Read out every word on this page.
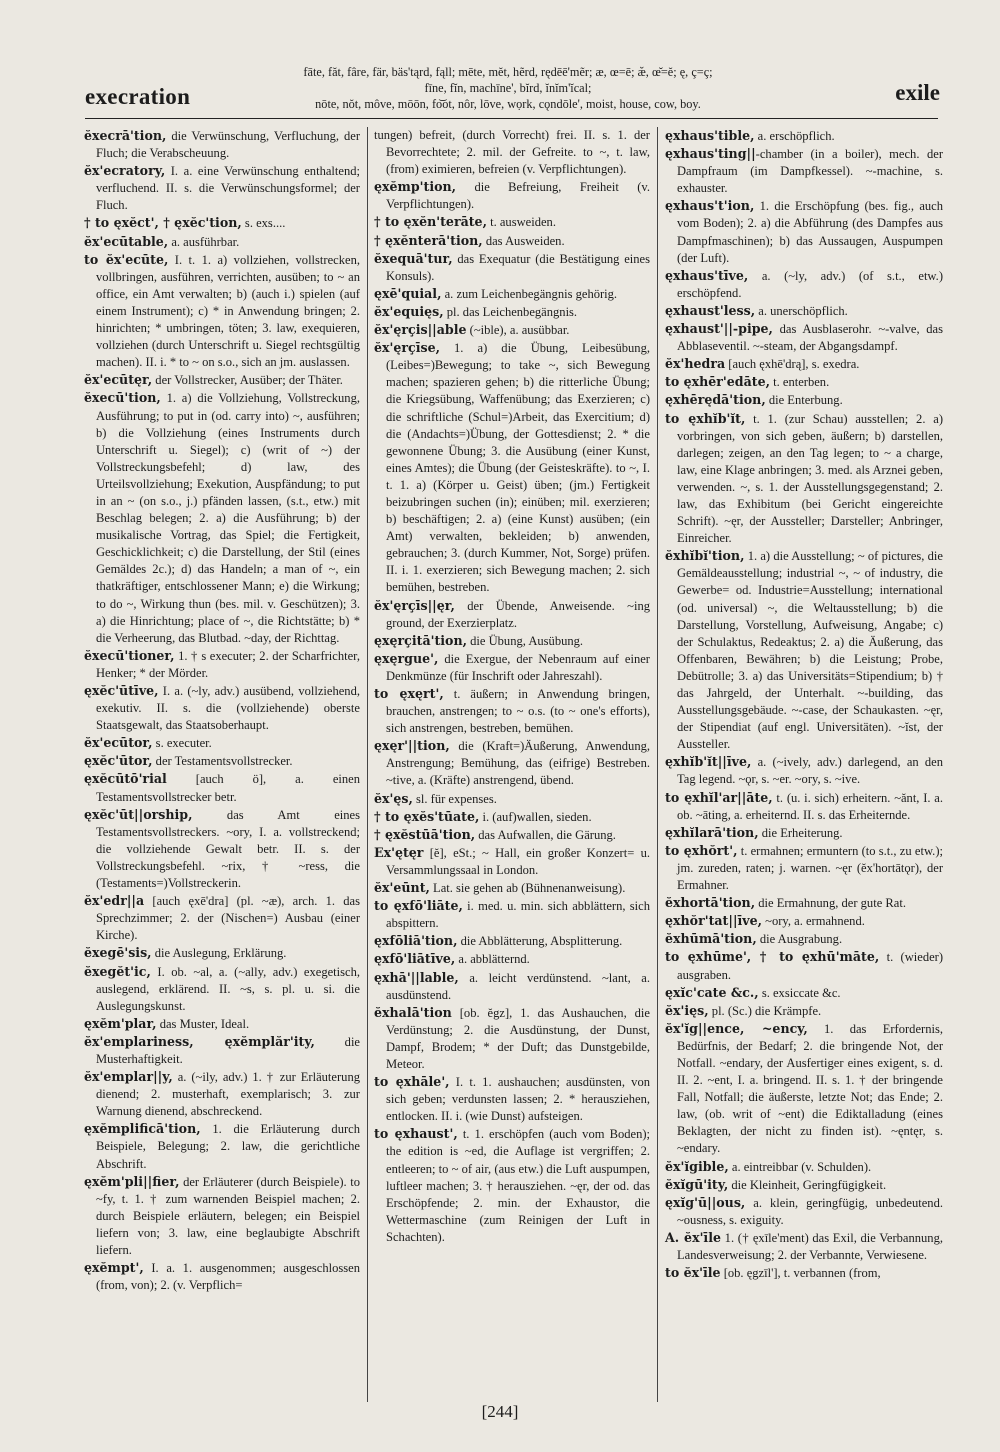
execration
fāte, făt, fâre, fär, bäs'tąrd, fąll; mēte, mĕt, hẽrd, rędēē'mẽr; æ, œ=ē; æ̆, œ̆=ĕ; ę, ç=ç;
fīne, fĭn, machīne', bĭrd, ĭnĭm'ĭcal;
nōte, nŏt, môve, mōōn, fo͝ot, nôr, lōve, wọrk, cǫndōle', moist, house, cow, boy.	exile

ĕxecrā'tion, die Verwünschung, Verfluchung, der Fluch; die Verabscheuung.

ĕx'ecratory, I. a. eine Verwünschung enthaltend; verfluchend. II. s. die Verwünschungsformel; der Fluch.

† to ęxĕct', † ęxĕc'tion, s. exs....

ĕx'ecūtable, a. ausführbar.

to ĕx'ecūte, I. t. 1. a) vollziehen, vollstrecken, vollbringen, ausführen, verrichten, ausüben; to ~ an office, ein Amt verwalten; b) (auch i.) spielen (auf einem Instrument); c) * in Anwendung bringen; 2. hinrichten; * umbringen, töten; 3. law, exequieren, vollziehen (durch Unterschrift u. Siegel rechtsgültig machen). II. i. * to ~ on s.o., sich an jm. auslassen.

ĕx'ecūtęr, der Vollstrecker, Ausüber; der Thäter.

ĕxecū'tion, 1. a) die Vollziehung, Vollstreckung, Ausführung; to put in (od. carry into) ~, ausführen; b) die Vollziehung (eines Instruments durch Unterschrift u. Siegel); c) (writ of ~) der Vollstreckungsbefehl; d) law, des Urteilsvollziehung; Exekution, Auspfändung; to put in an ~ (on s.o., j.) pfänden lassen, (s.t., etw.) mit Beschlag belegen; 2. a) die Ausführung; b) der musikalische Vortrag, das Spiel; die Fertigkeit, Geschicklichkeit; c) die Darstellung, der Stil (eines Gemäldes 2c.); d) das Handeln; a man of ~, ein thatkräftiger, entschlossener Mann; e) die Wirkung; to do ~, Wirkung thun (bes. mil. v. Geschützen); 3. a) die Hinrichtung; place of ~, die Richtstätte; b) * die Verheerung, das Blutbad. ~day, der Richttag.

ĕxecū'tioner, 1. † s executer; 2. der Scharfrichter, Henker; * der Mörder.

ęxĕc'ūtīve, I. a. (~ly, adv.) ausübend, vollziehend, exekutiv. II. s. die (vollziehende) oberste Staatsgewalt, das Staatsoberhaupt.

ĕx'ecūtor, s. executer.

ęxĕc'ūtor, der Testamentsvollstrecker.

ęxĕcūtō'rial [auch ö], a. einen Testamentsvollstrecker betr.

ęxĕc'ūt||orship, das Amt eines Testamentsvollstreckers. ~ory, I. a. vollstreckend; die vollziehende Gewalt betr. II. s. der Vollstreckungsbefehl. ~rix, † ~ress, die (Testaments=)Vollstreckerin.

ĕx'edr||a [auch ęxē'dra] (pl. ~æ), arch. 1. das Sprechzimmer; 2. der (Nischen=) Ausbau (einer Kirche).

ĕxegē'sis, die Auslegung, Erklärung.

ĕxegĕt'ic, I. ob. ~al, a. (~ally, adv.) exegetisch, auslegend, erklärend. II. ~s, s. pl. u. si. die Auslegungskunst.

ęxĕm'plar, das Muster, Ideal.

ĕx'emplariness, ęxĕmplăr'ity, die Musterhaftigkeit.

ĕx'emplar||y, a. (~ily, adv.) 1. † zur Erläuterung dienend; 2. musterhaft, exemplarisch; 3. zur Warnung dienend, abschreckend.

ęxĕmplificā'tion, 1. die Erläuterung durch Beispiele, Belegung; 2. law, die gerichtliche Abschrift.

ęxĕm'pli||fier, der Erläuterer (durch Beispiele). to ~fy, t. 1. † zum warnenden Beispiel machen; 2. durch Beispiele erläutern, belegen; ein Beispiel liefern von; 3. law, eine beglaubigte Abschrift liefern.

ęxĕmpt', I. a. 1. ausgenommen; ausgeschlossen (from, von); 2. (v. Verpflich=

tungen) befreit, (durch Vorrecht) frei. II. s. 1. der Bevorrechtete; 2. mil. der Gefreite. to ~, t. law, (from) eximieren, befreien (v. Verpflichtungen).

ęxĕmp'tion, die Befreiung, Freiheit (v. Verpflichtungen).

† to ęxĕn'terāte, t. ausweiden.

† ęxĕnterā'tion, das Ausweiden.

ĕxequā'tur, das Exequatur (die Bestätigung eines Konsuls).

ęxē'quial, a. zum Leichenbegängnis gehörig.

ĕx'equięs, pl. das Leichenbegängnis.

ĕx'ęrçis||able (~ible), a. ausübbar.

ĕx'ęrçīse, 1. a) die Übung, Leibesübung, (Leibes=)Bewegung; to take ~, sich Bewegung machen; spazieren gehen; b) die ritterliche Übung; die Kriegsübung, Waffenübung; das Exerzieren; c) die schriftliche (Schul=)Arbeit, das Exercitium; d) die (Andachts=)Übung, der Gottesdienst; 2. * die gewonnene Übung; 3. die Ausübung (einer Kunst, eines Amtes); die Übung (der Geisteskräfte). to ~, I. t. 1. a) (Körper u. Geist) üben; (jm.) Fertigkeit beizubringen suchen (in); einüben; mil. exerzieren; b) beschäftigen; 2. a) (eine Kunst) ausüben; (ein Amt) verwalten, bekleiden; b) anwenden, gebrauchen; 3. (durch Kummer, Not, Sorge) prüfen. II. i. 1. exerzieren; sich Bewegung machen; 2. sich bemühen, bestreben.

ĕx'ęrçīs||ęr, der Übende, Anweisende. ~ing ground, der Exerzierplatz.

ęxęrçitā'tion, die Übung, Ausübung.

ęxęrgue', die Exergue, der Nebenraum auf einer Denkmünze (für Inschrift oder Jahreszahl).

to ęxęrt', t. äußern; in Anwendung bringen, brauchen, anstrengen; to ~ o.s. (to ~ one's efforts), sich anstrengen, bestreben, bemühen.

ęxęr'||tion, die (Kraft=)Äußerung, Anwendung, Anstrengung; Bemühung, das (eifrige) Bestreben. ~tive, a. (Kräfte) anstrengend, übend.

ĕx'ęs, sl. für expenses.

† to ęxĕs'tūate, i. (auf)wallen, sieden.

† ęxĕstūā'tion, das Aufwallen, die Gärung.

Ex'ętęr [ĕ], eSt.; ~ Hall, ein großer Konzert= u. Versammlungssaal in London.

ĕx'eūnt, Lat. sie gehen ab (Bühnenanweisung).

to ęxfō'liāte, i. med. u. min. sich abblättern, sich abspittern.

ęxfōliā'tion, die Abblätterung, Absplitterung.

ęxfō'liātīve, a. abblätternd.

ęxhā'||lable, a. leicht verdünstend. ~lant, a. ausdünstend.

ĕxhalā'tion [ob. ĕgz], 1. das Aushauchen, die Verdünstung; 2. die Ausdünstung, der Dunst, Dampf, Brodem; * der Duft; das Dunstgebilde, Meteor.

to ęxhāle', I. t. 1. aushauchen; ausdünsten, von sich geben; verdunsten lassen; 2. * herausziehen, entlocken. II. i. (wie Dunst) aufsteigen.

to ęxhaust', t. 1. erschöpfen (auch vom Boden); the edition is ~ed, die Auflage ist vergriffen; 2. entleeren; to ~ of air, (aus etw.) die Luft auspumpen, luftleer machen; 3. † herausziehen. ~ęr, der od. das Erschöpfende; 2. min. der Exhaustor, die Wettermaschine (zum Reinigen der Luft in Schachten).

ęxhaus'tible, a. erschöpflich.

ęxhaus'ting||-chamber (in a boiler), mech. der Dampfraum (im Dampfkessel). ~-machine, s. exhauster.

ęxhaus't'ion, 1. die Erschöpfung (bes. fig., auch vom Boden); 2. a) die Abführung (des Dampfes aus Dampfmaschinen); b) das Aussaugen, Auspumpen (der Luft).

ęxhaus'tīve, a. (~ly, adv.) (of s.t., etw.) erschöpfend.

ęxhaust'less, a. unerschöpflich.

ęxhaust'||-pipe, das Ausblaserohr. ~-valve, das Abblaseventil. ~-steam, der Abgangsdampf.

ĕx'hedra [auch ęxhē'drą], s. exedra.

to ęxhēr'edāte, t. enterben.

ęxhērędā'tion, die Enterbung.

to ęxhĭb'ĭt, t. 1. (zur Schau) ausstellen; 2. a) vorbringen, von sich geben, äußern; b) darstellen, darlegen; zeigen, an den Tag legen; to ~ a charge, law, eine Klage anbringen; 3. med. als Arznei geben, verwenden. ~, s. 1. der Ausstellungsgegenstand; 2. law, das Exhibitum (bei Gericht eingereichte Schrift). ~ęr, der Aussteller; Darsteller; Anbringer, Einreicher.

ĕxhĭbĭ'tion, 1. a) die Ausstellung; ~ of pictures, die Gemäldeausstellung; industrial ~, ~ of industry, die Gewerbe= od. Industrie=Ausstellung; international (od. universal) ~, die Weltausstellung; b) die Darstellung, Vorstellung, Aufweisung, Angabe; c) der Schulaktus, Redeaktus; 2. a) die Äußerung, das Offenbaren, Bewähren; b) die Leistung; Probe, Debütrolle; 3. a) das Universitäts=Stipendium; b) † das Jahrgeld, der Unterhalt. ~-building, das Ausstellungsgebäude. ~-case, der Schaukasten. ~ęr, der Stipendiat (auf engl. Universitäten). ~ĭst, der Aussteller.

ęxhĭb'ĭt||īve, a. (~ively, adv.) darlegend, an den Tag legend. ~ǫr, s. ~er. ~ory, s. ~ive.

to ęxhĭl'ar||āte, t. (u. i. sich) erheitern. ~ănt, I. a. ob. ~āting, a. erheiternd. II. s. das Erheiternde.

ęxhĭlarā'tion, die Erheiterung.

to ęxhŏrt', t. ermahnen; ermuntern (to s.t., zu etw.); jm. zureden, raten; j. warnen. ~ęr (ĕx'hortātǫr), der Ermahner.

ĕxhortā'tion, die Ermahnung, der gute Rat.

ęxhŏr'tat||īve, ~ory, a. ermahnend.

ĕxhūmā'tion, die Ausgrabung.

to ęxhūme', † to ęxhū'māte, t. (wieder) ausgraben.

ęxĭc'cate &c., s. exsiccate &c.

ĕx'ięs, pl. (Sc.) die Krämpfe.

ĕx'ĭg||ence, ~ency, 1. das Erfordernis, Bedürfnis, der Bedarf; 2. die bringende Not, der Notfall. ~endary, der Ausfertiger eines exigent, s. d. II. 2. ~ent, I. a. bringend. II. s. 1. † der bringende Fall, Notfall; die äußerste, letzte Not; das Ende; 2. law, (ob. writ of ~ent) die Ediktalladung (eines Beklagten, der nicht zu finden ist). ~ęntęr, s. ~endary.

ĕx'ĭgible, a. eintreibbar (v. Schulden).

ĕxĭgū'ity, die Kleinheit, Geringfügigkeit.

ęxĭg'ū||ous, a. klein, geringfügig, unbedeutend. ~ousness, s. exiguity.

A. ĕx'īle 1. († ęxīle'ment) das Exil, die Verbannung, Landesverweisung; 2. der Verbannte, Verwiesene.

to ĕx'īle [ob. ęgzīl'], t. verbannen (from,

[244]
